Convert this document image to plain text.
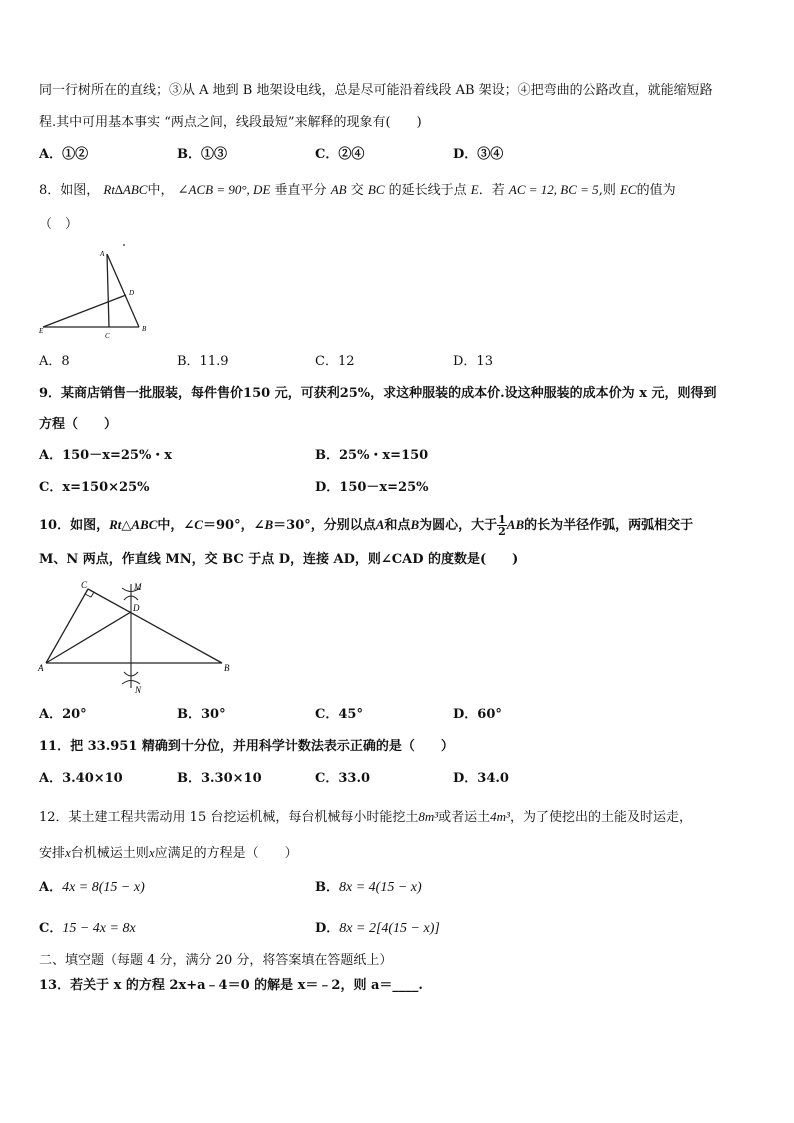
同一行树所在的直线；③从 A 地到 B 地架设电线，总是尽可能沿着线段 AB 架设；④把弯曲的公路改直，就能缩短路
程.其中可用基本事实 “两点之间，线段最短”来解释的现象有(　　)
A．①②	B．①③	C．②④	D．③④
8．如图， Rt∆ABC中， ∠ACB = 90°, DE 垂直平分 AB 交 BC 的延长线于点 E．若 AC = 12, BC = 5,则 EC的值为
（　）
A
B
C
D
E
A．8	B．11.9	C．12	D．13
9．某商店销售一批服装，每件售价150 元，可获利25%，求这种服装的成本价.设这种服装的成本价为 x 元，则得到
方程（　　）
A．150－x=25%・x	B．25%・x=150
C．x=150×25%	D．150－x=25%
10．如图，Rt△ABC中，∠C＝90°，∠B＝30°，分别以点A和点B为圆心，大于 $\frac{1}{2}$ AB的长为半径作弧，两弧相交于
M、N 两点，作直线 MN，交 BC 于点 D，连接 AD，则∠CAD 的度数是(　　)
C	M
D
A	B
N
A．20°	B．30°	C．45°	D．60°
11．把 33.951 精确到十分位，并用科学计数法表示正确的是（　　）
A．3.40×10	B．3.30×10	C．33.0	D．34.0
12．某土建工程共需动用 15 台挖运机械，每台机械每小时能挖土8m³或者运土4m³，为了使挖出的土能及时运走，
安排x台机械运土则x应满足的方程是（　　）
A．4x = 8(15 − x)	B．8x = 4(15 − x)
C．15 − 4x = 8x	D．8x = 2[4(15 − x)]
二、填空题（每题 4 分，满分 20 分，将答案填在答题纸上）
13．若关于 x 的方程 2x+a﹣4＝0 的解是 x＝﹣2，则 a＝____.
